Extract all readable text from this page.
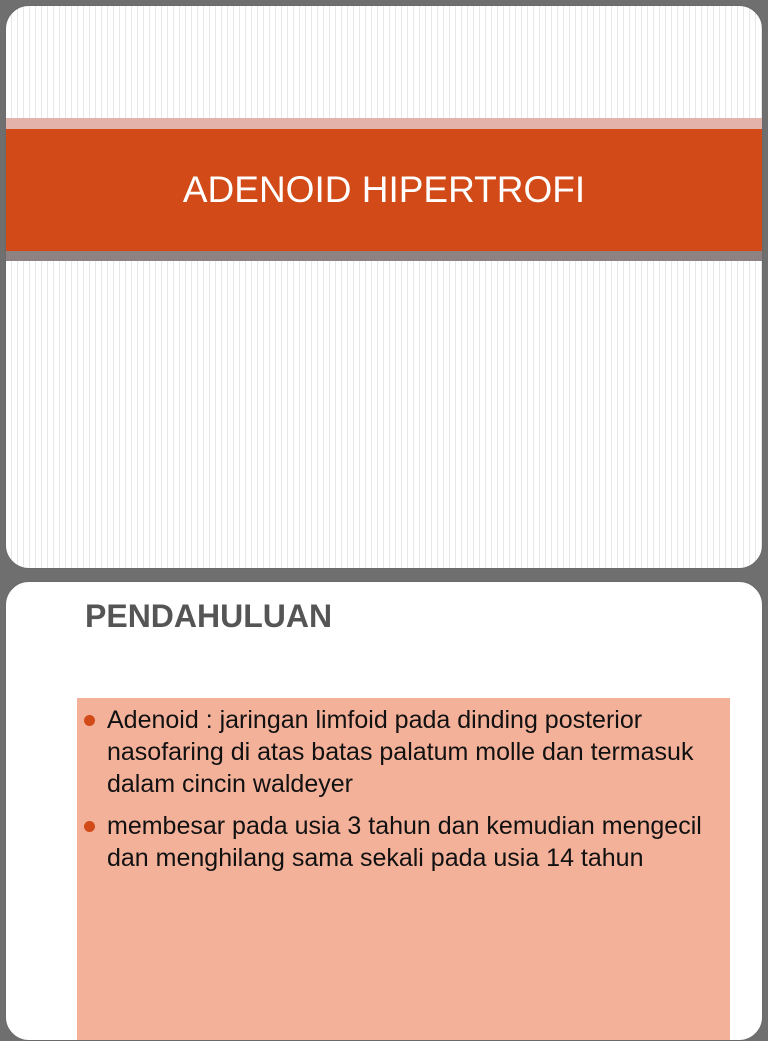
ADENOID HIPERTROFI
PENDAHULUAN
Adenoid : jaringan limfoid pada dinding posterior nasofaring di atas batas palatum molle dan termasuk dalam cincin waldeyer
membesar pada usia 3 tahun dan kemudian mengecil dan menghilang sama sekali pada usia 14 tahun
